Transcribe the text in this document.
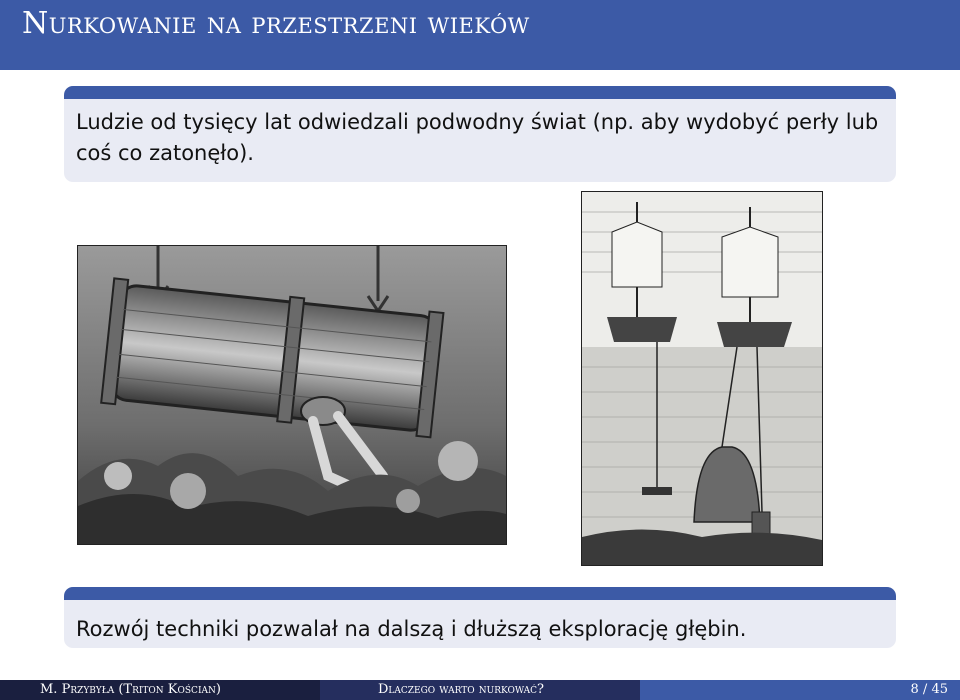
Nurkowanie na przestrzeni wieków
Ludzie od tysięcy lat odwiedzali podwodny świat (np. aby wydobyć perły lub coś co zatonęło).
Rozwój techniki pozwalał na dalszą i dłuższą eksplorację głębin.
M. Przybyła (Triton Kościan)	Dlaczego warto nurkować?	8 / 45
